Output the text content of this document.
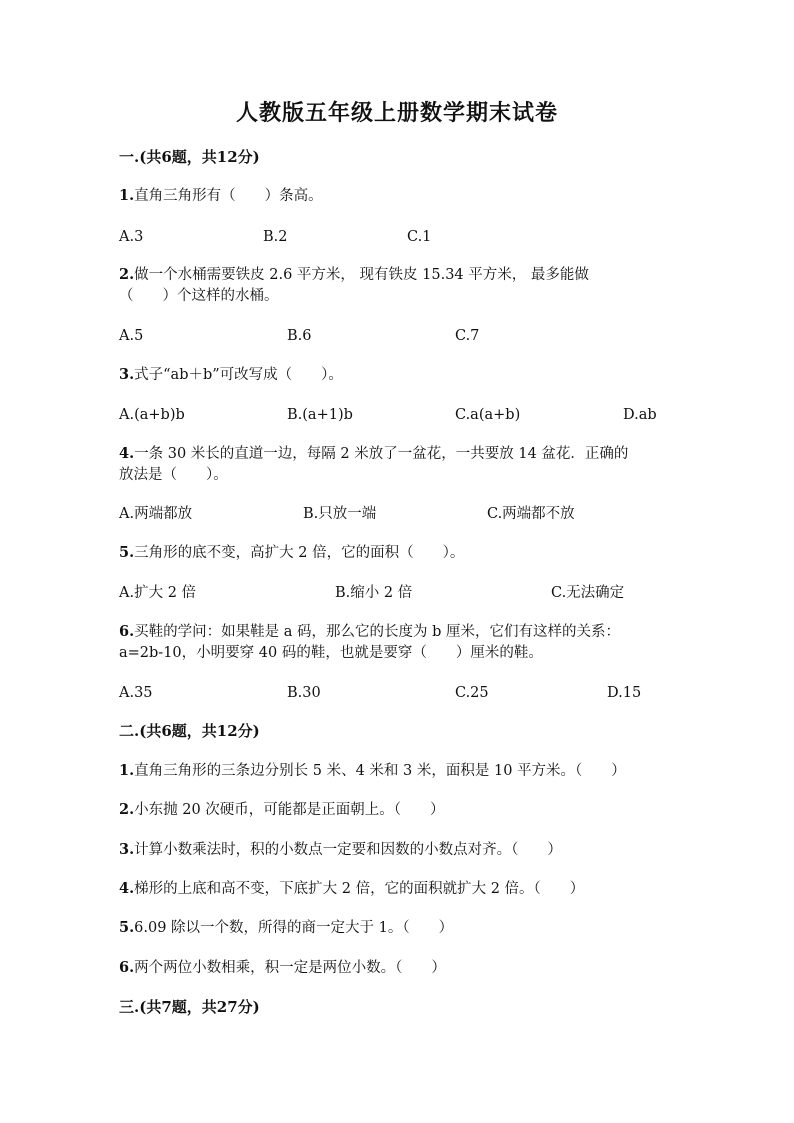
人教版五年级上册数学期末试卷
一.(共6题，共12分)
1.直角三角形有（　　）条高。
A.3	B.2	C.1
2.做一个水桶需要铁皮 2.6 平方米， 现有铁皮 15.34 平方米， 最多能做
（　　）个这样的水桶。
A.5	B.6	C.7
3.式子“ab＋b”可改写成（　　）。
A.(a+b)b	B.(a+1)b	C.a(a+b)	D.ab
4.一条 30 米长的直道一边，每隔 2 米放了一盆花，一共要放 14 盆花．正确的
放法是（　　）。
A.两端都放	B.只放一端	C.两端都不放
5.三角形的底不变，高扩大 2 倍，它的面积（　　）。
A.扩大 2 倍	B.缩小 2 倍	C.无法确定
6.买鞋的学问：如果鞋是 a 码，那么它的长度为 b 厘米，它们有这样的关系：
a=2b-10，小明要穿 40 码的鞋，也就是要穿（　　）厘米的鞋。
A.35	B.30	C.25	D.15
二.(共6题，共12分)
1.直角三角形的三条边分别长 5 米、4 米和 3 米，面积是 10 平方米。（　　）
2.小东抛 20 次硬币，可能都是正面朝上。（　　）
3.计算小数乘法时，积的小数点一定要和因数的小数点对齐。（　　）
4.梯形的上底和高不变，下底扩大 2 倍，它的面积就扩大 2 倍。（　　）
5.6.09 除以一个数，所得的商一定大于 1。（　　）
6.两个两位小数相乘，积一定是两位小数。（　　）
三.(共7题，共27分)
